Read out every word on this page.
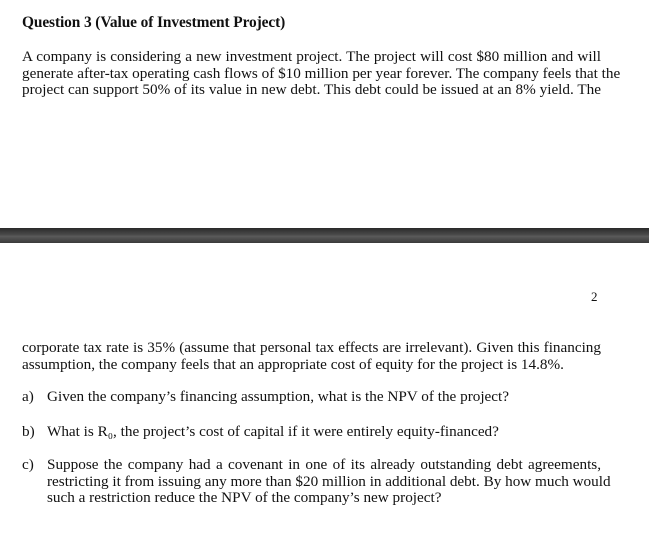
Question 3 (Value of Investment Project)
A company is considering a new investment project. The project will cost $80 million and will
generate after-tax operating cash flows of $10 million per year forever. The company feels that the
project can support 50% of its value in new debt. This debt could be issued at an 8% yield. The
2
corporate tax rate is 35% (assume that personal tax effects are irrelevant). Given this financing
assumption, the company feels that an appropriate cost of equity for the project is 14.8%.
a) Given the company’s financing assumption, what is the NPV of the project?
b) What is R₀, the project’s cost of capital if it were entirely equity-financed?
c) Suppose the company had a covenant in one of its already outstanding debt agreements,
restricting it from issuing any more than $20 million in additional debt. By how much would
such a restriction reduce the NPV of the company’s new project?
